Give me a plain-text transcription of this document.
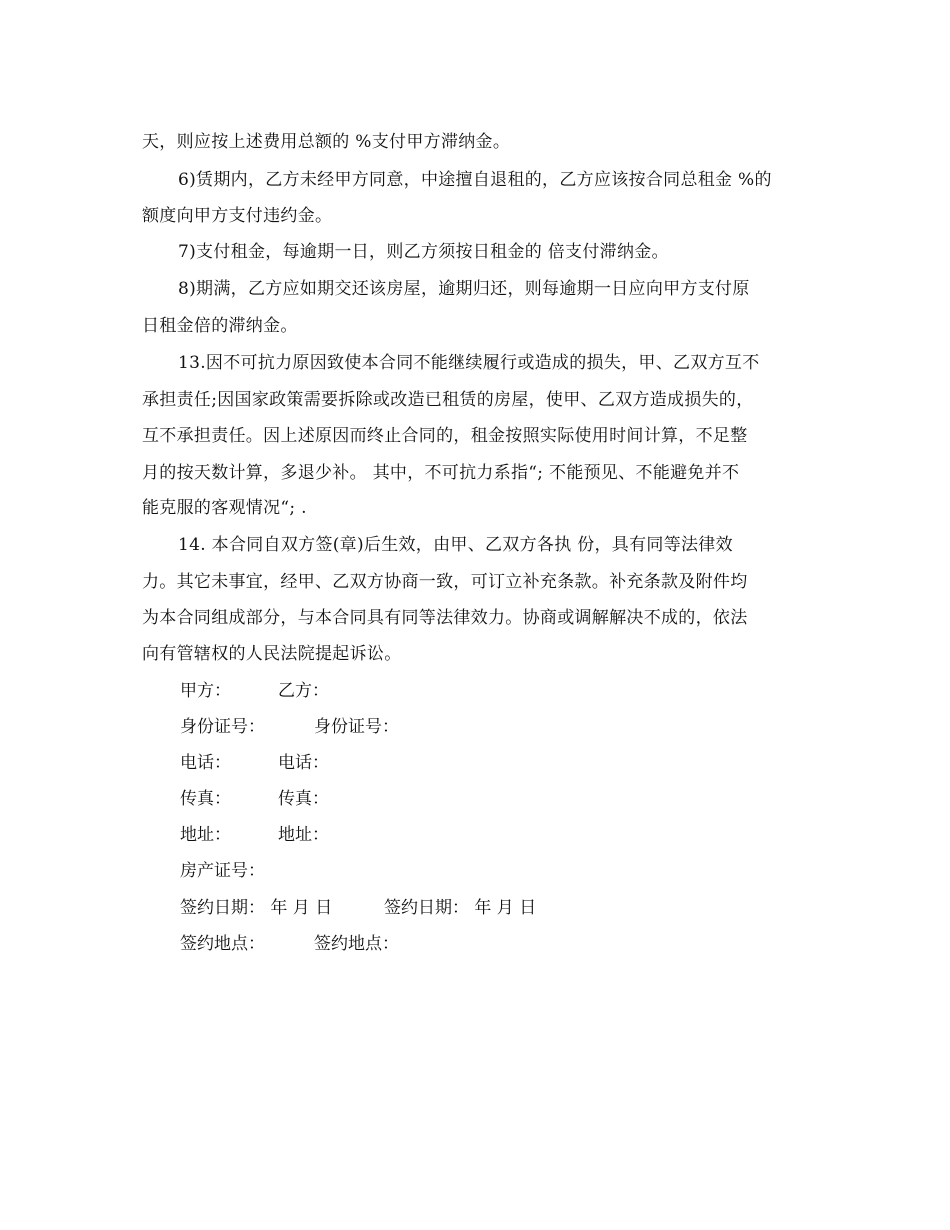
天，则应按上述费用总额的 %支付甲方滞纳金。
6)赁期内，乙方未经甲方同意，中途擅自退租的，乙方应该按合同总租金 %的
额度向甲方支付违约金。
7)支付租金，每逾期一日，则乙方须按日租金的 倍支付滞纳金。
8)期满，乙方应如期交还该房屋，逾期归还，则每逾期一日应向甲方支付原
日租金倍的滞纳金。
13.因不可抗力原因致使本合同不能继续履行或造成的损失，甲、乙双方互不
承担责任;因国家政策需要拆除或改造已租赁的房屋，使甲、乙双方造成损失的，
互不承担责任。因上述原因而终止合同的，租金按照实际使用时间计算，不足整
月的按天数计算，多退少补。 其中，不可抗力系指“; 不能预见、不能避免并不
能克服的客观情况“; .
14. 本合同自双方签(章)后生效，由甲、乙双方各执 份，具有同等法律效
力。其它未事宜，经甲、乙双方协商一致，可订立补充条款。补充条款及附件均
为本合同组成部分，与本合同具有同等法律效力。协商或调解解决不成的，依法
向有管辖权的人民法院提起诉讼。
甲方：	乙方：
身份证号：	身份证号：
电话：	电话：
传真：	传真：
地址：	地址：
房产证号：
签约日期： 年 月 日	签约日期： 年 月 日
签约地点：	签约地点：
